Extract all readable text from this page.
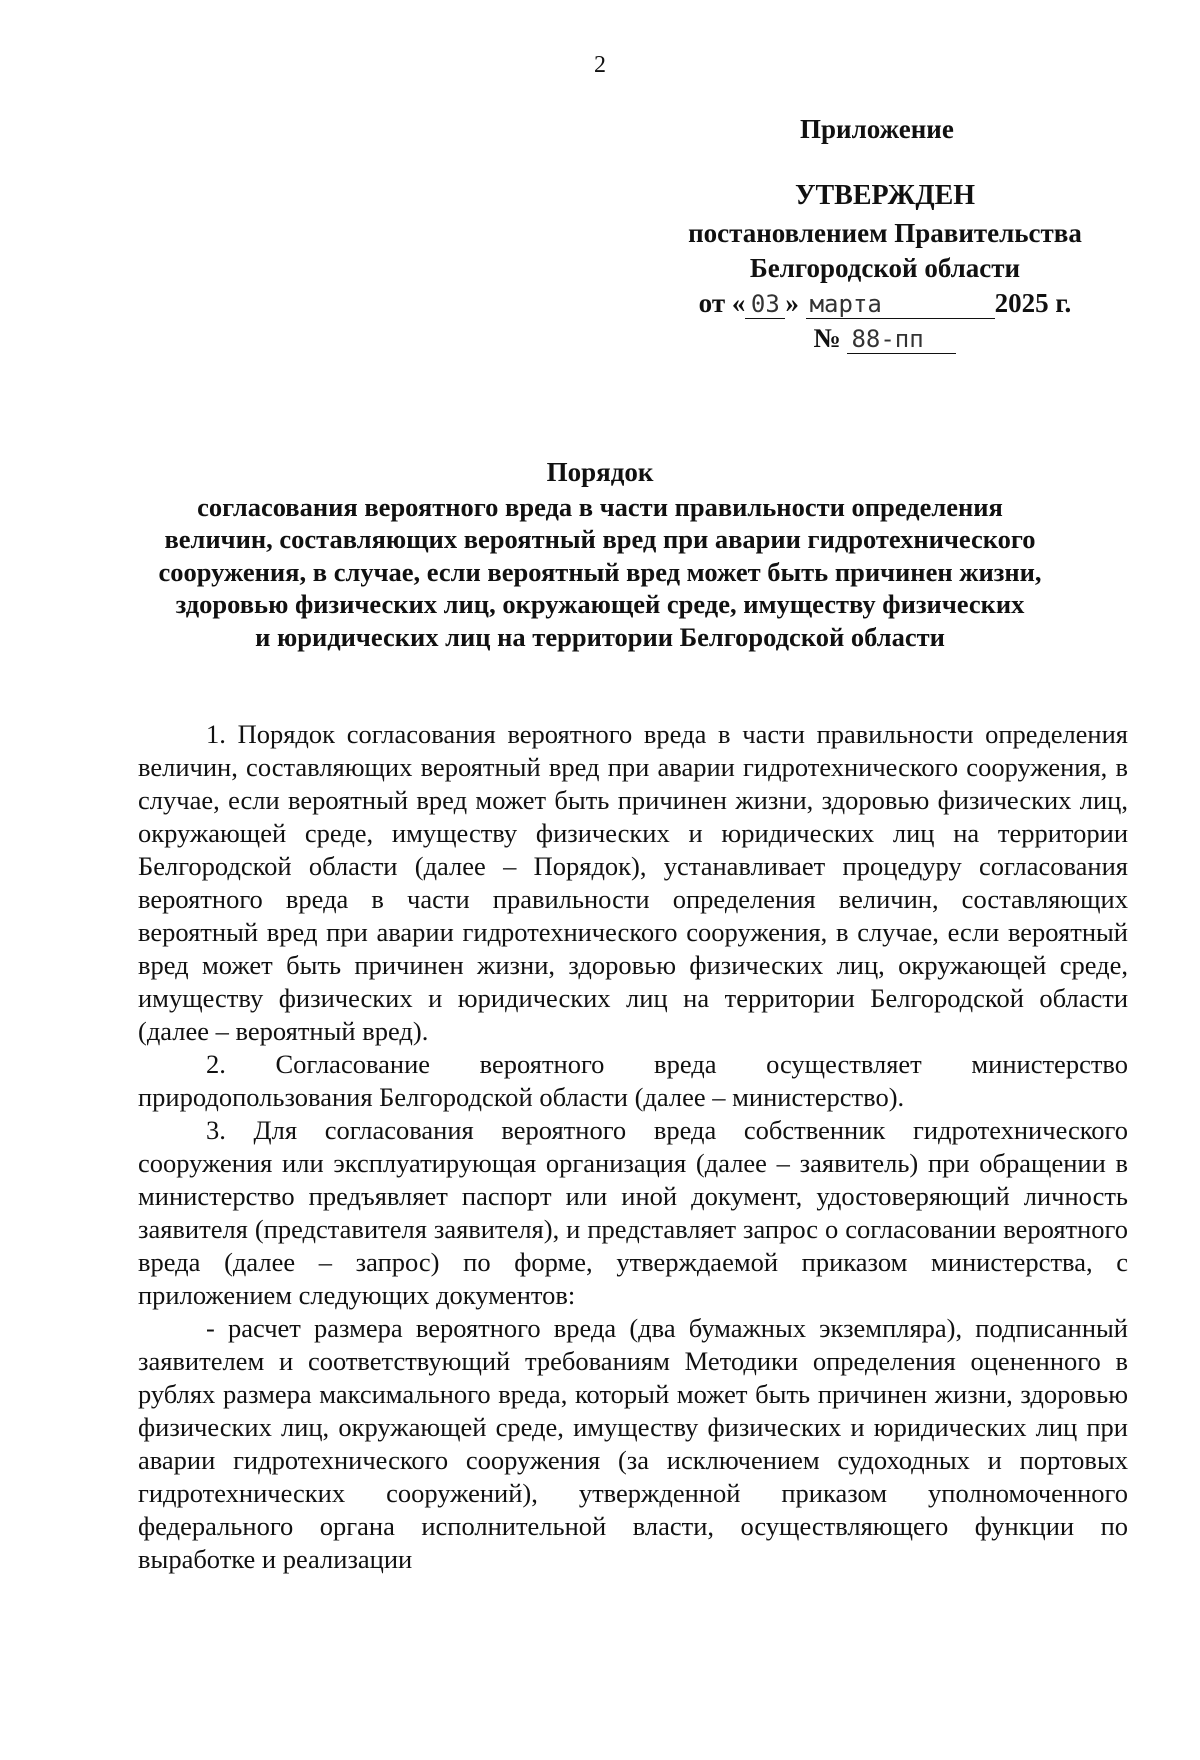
2
Приложение
УТВЕРЖДЕН
постановлением Правительства
Белгородской области
от « 03 » марта	2025 г.
№ 88-пп
Порядок
согласования вероятного вреда в части правильности определения
величин, составляющих вероятный вред при аварии гидротехнического
сооружения, в случае, если вероятный вред может быть причинен жизни,
здоровью физических лиц, окружающей среде, имуществу физических
и юридических лиц на территории Белгородской области

1. Порядок согласования вероятного вреда в части правильности определения величин, составляющих вероятный вред при аварии гидротехнического сооружения, в случае, если вероятный вред может быть причинен жизни, здоровью физических лиц, окружающей среде, имуществу физических и юридических лиц на территории Белгородской области (далее – Порядок), устанавливает процедуру согласования вероятного вреда в части правильности определения величин, составляющих вероятный вред при аварии гидротехнического сооружения, в случае, если вероятный вред может быть причинен жизни, здоровью физических лиц, окружающей среде, имуществу физических и юридических лиц на территории Белгородской области (далее – вероятный вред).

2. Согласование вероятного вреда осуществляет министерство природопользования Белгородской области (далее – министерство).

3. Для согласования вероятного вреда собственник гидротехнического сооружения или эксплуатирующая организация (далее – заявитель) при обращении в министерство предъявляет паспорт или иной документ, удостоверяющий личность заявителя (представителя заявителя), и представляет запрос о согласовании вероятного вреда (далее – запрос) по форме, утверждаемой приказом министерства, с приложением следующих документов:

- расчет размера вероятного вреда (два бумажных экземпляра), подписанный заявителем и соответствующий требованиям Методики определения оцененного в рублях размера максимального вреда, который может быть причинен жизни, здоровью физических лиц, окружающей среде, имуществу физических и юридических лиц при аварии гидротехнического сооружения (за исключением судоходных и портовых гидротехнических сооружений), утвержденной приказом уполномоченного федерального органа исполнительной власти, осуществляющего функции по выработке и реализации
